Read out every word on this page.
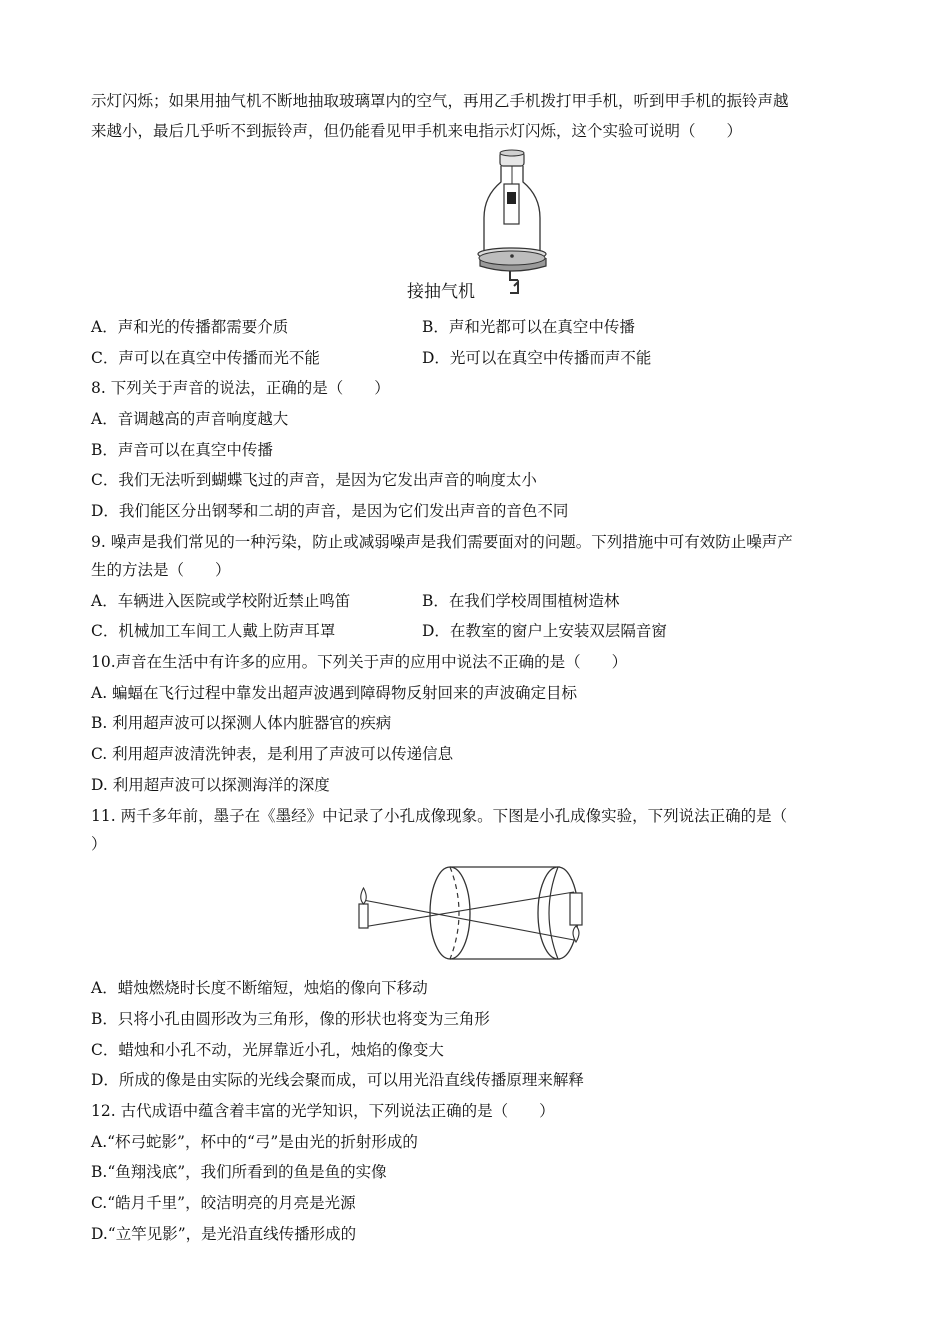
示灯闪烁；如果用抽气机不断地抽取玻璃罩内的空气，再用乙手机拨打甲手机，听到甲手机的振铃声越
来越小，最后几乎听不到振铃声，但仍能看见甲手机来电指示灯闪烁，这个实验可说明（　　）
接抽气机
A．声和光的传播都需要介质	B．声和光都可以在真空中传播
C．声可以在真空中传播而光不能	D．光可以在真空中传播而声不能
8. 下列关于声音的说法，正确的是（　　）
A．音调越高的声音响度越大
B．声音可以在真空中传播
C．我们无法听到蝴蝶飞过的声音，是因为它发出声音的响度太小
D．我们能区分出钢琴和二胡的声音，是因为它们发出声音的音色不同
9. 噪声是我们常见的一种污染，防止或减弱噪声是我们需要面对的问题。下列措施中可有效防止噪声产
生的方法是（　　）
A．车辆进入医院或学校附近禁止鸣笛	B．在我们学校周围植树造林
C．机械加工车间工人戴上防声耳罩	D．在教室的窗户上安装双层隔音窗
10.声音在生活中有许多的应用。下列关于声的应用中说法不正确的是（　　）
A. 蝙蝠在飞行过程中靠发出超声波遇到障碍物反射回来的声波确定目标
B. 利用超声波可以探测人体内脏器官的疾病
C. 利用超声波清洗钟表，是利用了声波可以传递信息
D. 利用超声波可以探测海洋的深度
11. 两千多年前，墨子在《墨经》中记录了小孔成像现象。下图是小孔成像实验，下列说法正确的是（
）
A．蜡烛燃烧时长度不断缩短，烛焰的像向下移动
B．只将小孔由圆形改为三角形，像的形状也将变为三角形
C．蜡烛和小孔不动，光屏靠近小孔，烛焰的像变大
D．所成的像是由实际的光线会聚而成，可以用光沿直线传播原理来解释
12. 古代成语中蕴含着丰富的光学知识，下列说法正确的是（　　）
A.“杯弓蛇影”，杯中的“弓”是由光的折射形成的
B.“鱼翔浅底”，我们所看到的鱼是鱼的实像
C.“皓月千里”，皎洁明亮的月亮是光源
D.“立竿见影”，是光沿直线传播形成的
